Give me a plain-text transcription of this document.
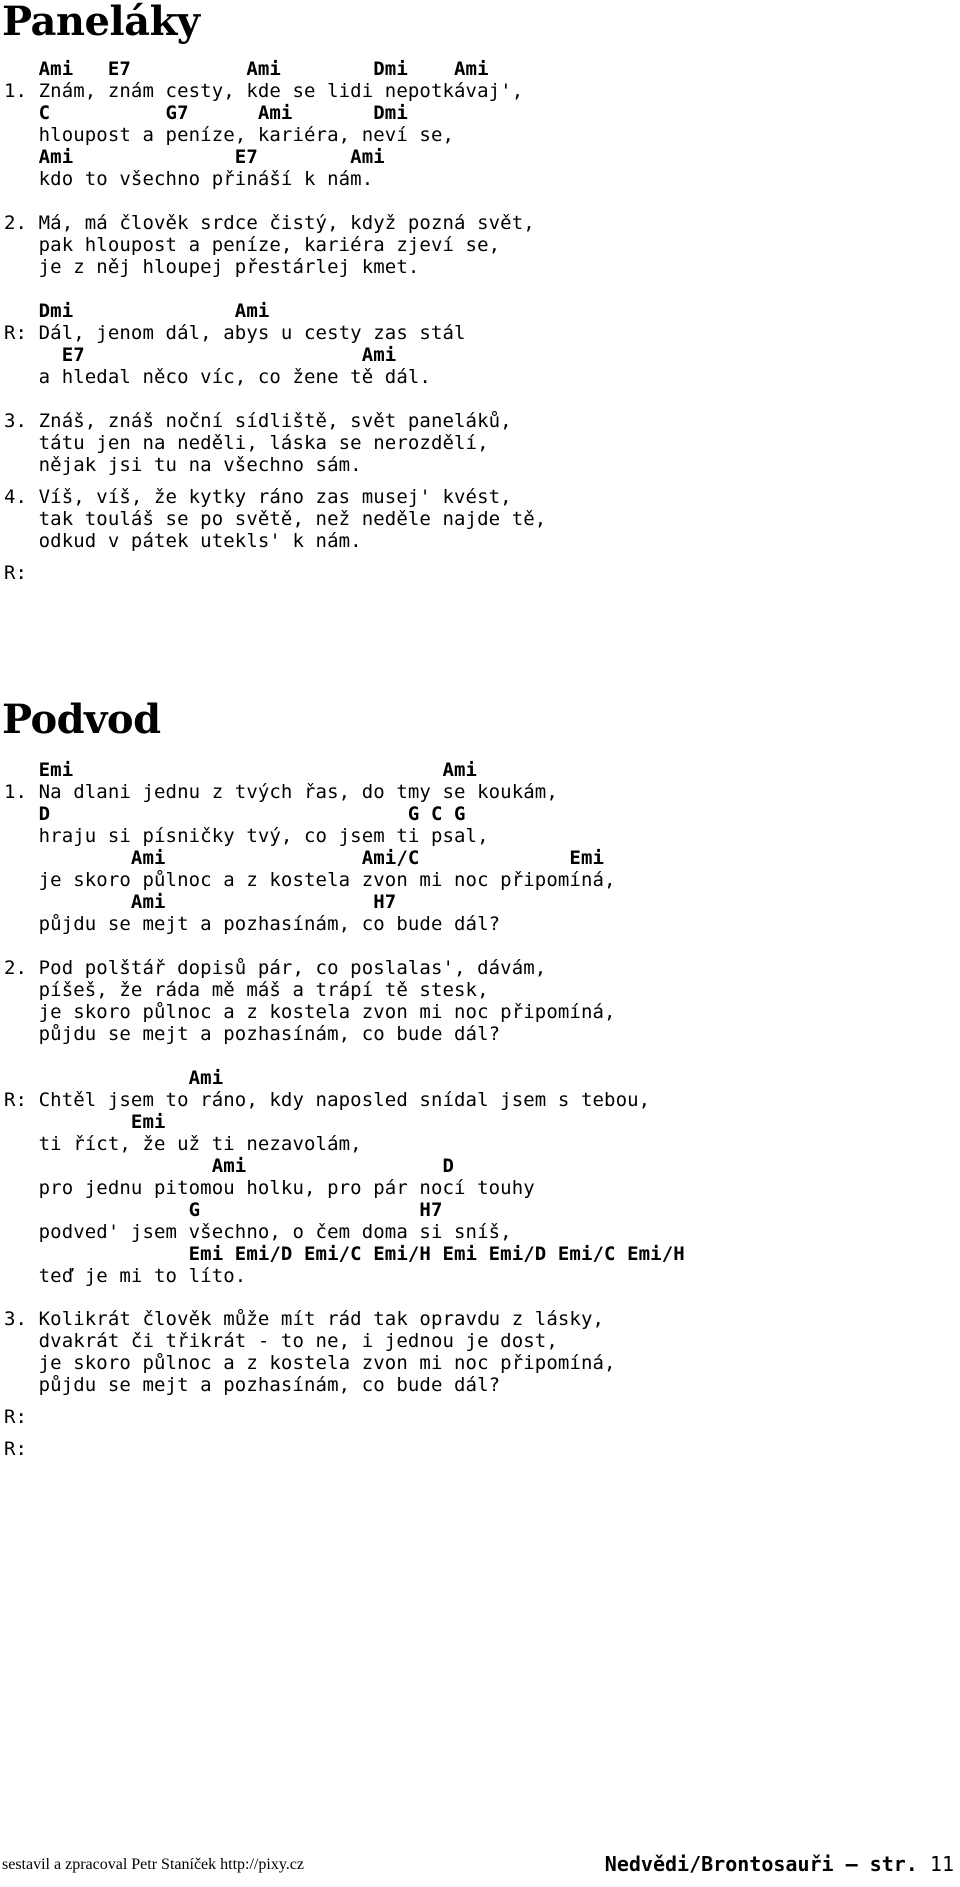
Paneláky
Podvod
Ami   E7          Ami        Dmi    Ami
1. Znám, znám cesty, kde se lidi nepotkávaj',
C          G7      Ami       Dmi
hloupost a peníze, kariéra, neví se,
Ami              E7        Ami
kdo to všechno přináší k nám.
2. Má, má člověk srdce čistý, když pozná svět,
pak hloupost a peníze, kariéra zjeví se,
je z něj hloupej přestárlej kmet.
Dmi              Ami
R: Dál, jenom dál, abys u cesty zas stál
E7                        Ami
a hledal něco víc, co žene tě dál.
3. Znáš, znáš noční sídliště, svět paneláků,
tátu jen na neděli, láska se nerozdělí,
nějak jsi tu na všechno sám.
4. Víš, víš, že kytky ráno zas musej' kvést,
tak touláš se po světě, než neděle najde tě,
odkud v pátek utekls' k nám.
R:
Emi                                Ami
1. Na dlani jednu z tvých řas, do tmy se koukám,
D                               G C G
hraju si písničky tvý, co jsem ti psal,
Ami                 Ami/C             Emi
je skoro půlnoc a z kostela zvon mi noc připomíná,
Ami                  H7
půjdu se mejt a pozhasínám, co bude dál?
2. Pod polštář dopisů pár, co poslalas', dávám,
píšeš, že ráda mě máš a trápí tě stesk,
je skoro půlnoc a z kostela zvon mi noc připomíná,
půjdu se mejt a pozhasínám, co bude dál?
Ami
R: Chtěl jsem to ráno, kdy naposled snídal jsem s tebou,
Emi
ti říct, že už ti nezavolám,
Ami                 D
pro jednu pitomou holku, pro pár nocí touhy
G                   H7
podved' jsem všechno, o čem doma si sníš,
Emi Emi/D Emi/C Emi/H Emi Emi/D Emi/C Emi/H
teď je mi to líto.
3. Kolikrát člověk může mít rád tak opravdu z lásky,
dvakrát či třikrát - to ne, i jednou je dost,
je skoro půlnoc a z kostela zvon mi noc připomíná,
půjdu se mejt a pozhasínám, co bude dál?
R:
R:
sestavil a zpracoval Petr Staníček http://pixy.cz	Nedvědi/Brontosauři — str. 11
